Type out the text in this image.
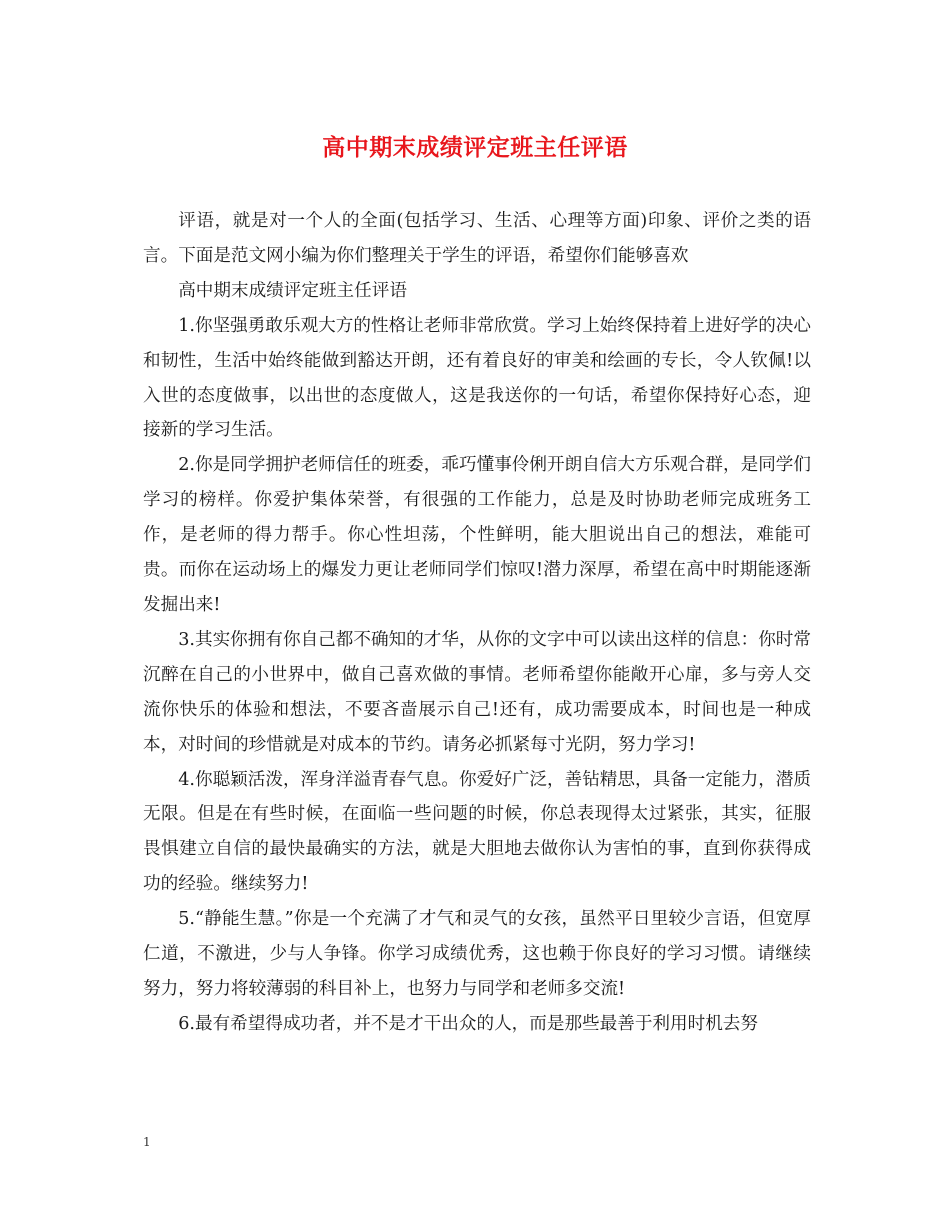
高中期末成绩评定班主任评语

评语，就是对一个人的全面(包括学习、生活、心理等方面)印象、评价之类的语言。下面是范文网小编为你们整理关于学生的评语，希望你们能够喜欢

高中期末成绩评定班主任评语

1.你坚强勇敢乐观大方的性格让老师非常欣赏。学习上始终保持着上进好学的决心和韧性，生活中始终能做到豁达开朗，还有着良好的审美和绘画的专长，令人钦佩!以入世的态度做事，以出世的态度做人，这是我送你的一句话，希望你保持好心态，迎接新的学习生活。

2.你是同学拥护老师信任的班委，乖巧懂事伶俐开朗自信大方乐观合群，是同学们学习的榜样。你爱护集体荣誉，有很强的工作能力，总是及时协助老师完成班务工作，是老师的得力帮手。你心性坦荡，个性鲜明，能大胆说出自己的想法，难能可贵。而你在运动场上的爆发力更让老师同学们惊叹!潜力深厚，希望在高中时期能逐渐发掘出来!

3.其实你拥有你自己都不确知的才华，从你的文字中可以读出这样的信息：你时常沉醉在自己的小世界中，做自己喜欢做的事情。老师希望你能敞开心扉，多与旁人交流你快乐的体验和想法，不要吝啬展示自己!还有，成功需要成本，时间也是一种成本，对时间的珍惜就是对成本的节约。请务必抓紧每寸光阴，努力学习!

4.你聪颖活泼，浑身洋溢青春气息。你爱好广泛，善钻精思，具备一定能力，潜质无限。但是在有些时候，在面临一些问题的时候，你总表现得太过紧张，其实，征服畏惧建立自信的最快最确实的方法，就是大胆地去做你认为害怕的事，直到你获得成功的经验。继续努力!

5.“静能生慧。”你是一个充满了才气和灵气的女孩，虽然平日里较少言语，但宽厚仁道，不激进，少与人争锋。你学习成绩优秀，这也赖于你良好的学习习惯。请继续努力，努力将较薄弱的科目补上，也努力与同学和老师多交流!

6.最有希望得成功者，并不是才干出众的人，而是那些最善于利用时机去努

1
